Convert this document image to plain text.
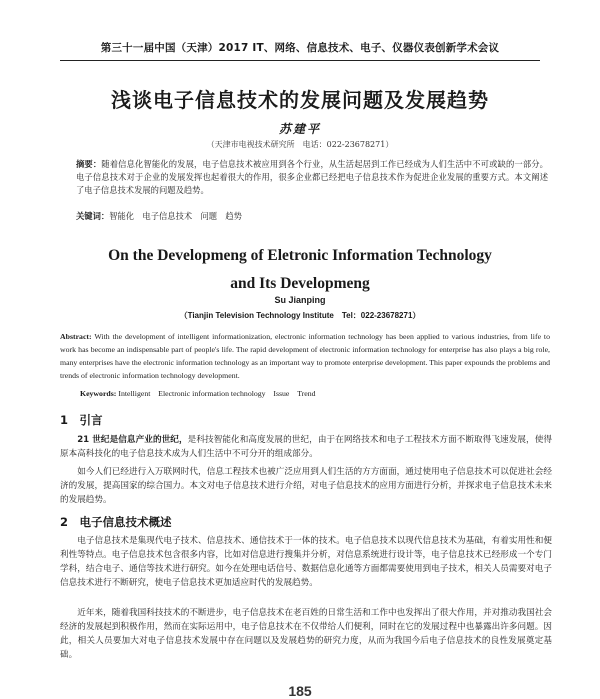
第三十一届中国（天津）2017 IT、网络、信息技术、电子、仪器仪表创新学术会议
浅谈电子信息技术的发展问题及发展趋势
苏建平
（天津市电视技术研究所　电话：022-23678271）
摘要：随着信息化智能化的发展，电子信息技术被应用到各个行业，从生活起居到工作已经成为人们生活中不可或缺的一部分。电子信息技术对于企业的发展发挥也起着很大的作用，很多企业都已经把电子信息技术作为促进企业发展的重要方式。本文阐述了电子信息技术发展的问题及趋势。
关键词：智能化　电子信息技术　问题　趋势
On the Developmeng of Eletronic Information Technology
and Its Developmeng
Su Jianping
（Tianjin Television Technology Institute　Tel：022-23678271）
Abstract: With the development of intelligent informationization, electronic information technology has been applied to various industries, from life to work has become an indispensable part of people's life. The rapid development of electronic information technology for enterprise has also plays a big role, many enterprises have the electronic information technology as an important way to promote enterprise development. This paper expounds the problems and trends of electronic information technology development.
Keywords: Intelligent　Electronic information technology　Issue　Trend
1　引言
21 世纪是信息产业的世纪，是科技智能化和高度发展的世纪，由于在网络技术和电子工程技术方面不断取得飞速发展，使得原本高科技化的电子信息技术成为人们生活中不可分开的组成部分。
如今人们已经进行入万联网时代，信息工程技术也被广泛应用到人们生活的方方面面，通过使用电子信息技术可以促进社会经济的发展，提高国家的综合国力。本文对电子信息技术进行介绍，对电子信息技术的应用方面进行分析，并探求电子信息技术未来的发展趋势。
2　电子信息技术概述
电子信息技术是集现代电子技术、信息技术、通信技术于一体的技术。电子信息技术以现代信息技术为基础，有着实用性和便利性等特点。电子信息技术包含很多内容，比如对信息进行搜集并分析，对信息系统进行设计等，电子信息技术已经形成一个专门学科，结合电子、通信等技术进行研究。如今在处理电话信号、数据信息化通等方面都需要使用到电子技术，相关人员需要对电子信息技术进行不断研究，使电子信息技术更加适应时代的发展趋势。
近年来，随着我国科技技术的不断进步，电子信息技术在老百姓的日常生活和工作中也发挥出了很大作用，并对推动我国社会经济的发展起到积极作用，然而在实际运用中，电子信息技术在不仅带给人们便利，同时在它的发展过程中也暴露出许多问题。因此，相关人员要加大对电子信息技术发展中存在问题以及发展趋势的研究力度，从而为我国今后电子信息技术的良性发展奠定基础。
185
